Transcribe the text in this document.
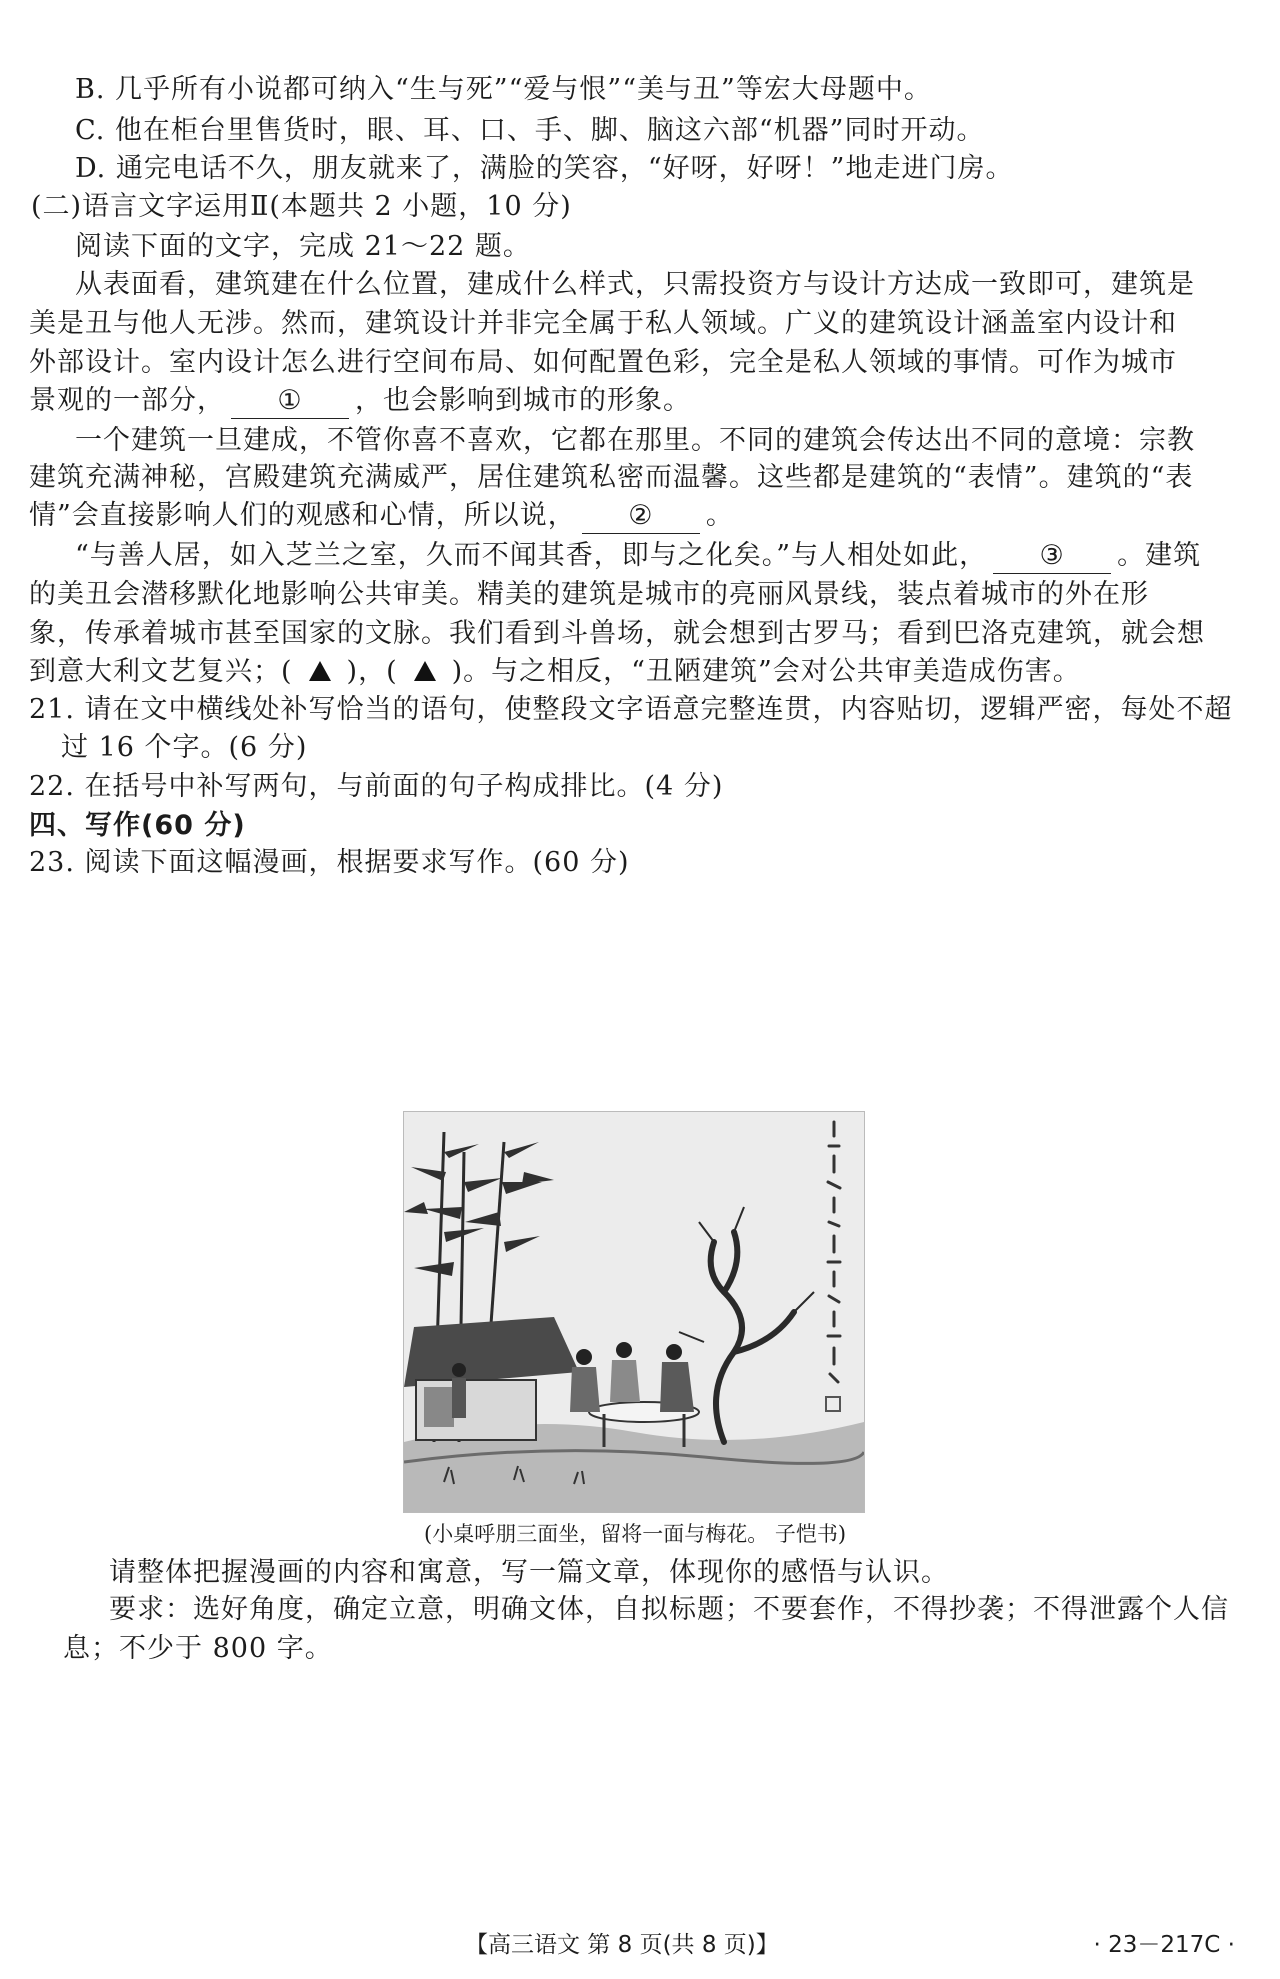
B. 几乎所有小说都可纳入“生与死”“爱与恨”“美与丑”等宏大母题中。
C. 他在柜台里售货时，眼、耳、口、手、脚、脑这六部“机器”同时开动。
D. 通完电话不久，朋友就来了，满脸的笑容，“好呀，好呀！”地走进门房。
(二)语言文字运用Ⅱ(本题共 2 小题，10 分)
阅读下面的文字，完成 21～22 题。
从表面看，建筑建在什么位置，建成什么样式，只需投资方与设计方达成一致即可，建筑是
美是丑与他人无涉。然而，建筑设计并非完全属于私人领域。广义的建筑设计涵盖室内设计和
外部设计。室内设计怎么进行空间布局、如何配置色彩，完全是私人领域的事情。可作为城市
景观的一部分， ① ，也会影响到城市的形象。
一个建筑一旦建成，不管你喜不喜欢，它都在那里。不同的建筑会传达出不同的意境：宗教
建筑充满神秘，宫殿建筑充满威严，居住建筑私密而温馨。这些都是建筑的“表情”。建筑的“表
情”会直接影响人们的观感和心情，所以说， ② 。
“与善人居，如入芝兰之室，久而不闻其香，即与之化矣。”与人相处如此， ③ 。建筑
的美丑会潜移默化地影响公共审美。精美的建筑是城市的亮丽风景线，装点着城市的外在形
象，传承着城市甚至国家的文脉。我们看到斗兽场，就会想到古罗马；看到巴洛克建筑，就会想
到意大利文艺复兴；( )，( )。与之相反，“丑陋建筑”会对公共审美造成伤害。
21. 请在文中横线处补写恰当的语句，使整段文字语意完整连贯，内容贴切，逻辑严密，每处不超
过 16 个字。(6 分)
22. 在括号中补写两句，与前面的句子构成排比。(4 分)
四、写作(60 分)
23. 阅读下面这幅漫画，根据要求写作。(60 分)
(小桌呼朋三面坐，留将一面与梅花。 子恺书)
请整体把握漫画的内容和寓意，写一篇文章，体现你的感悟与认识。
要求：选好角度，确定立意，明确文体，自拟标题；不要套作，不得抄袭；不得泄露个人信
息；不少于 800 字。
【高三语文 第 8 页(共 8 页)】	· 23－217C ·
